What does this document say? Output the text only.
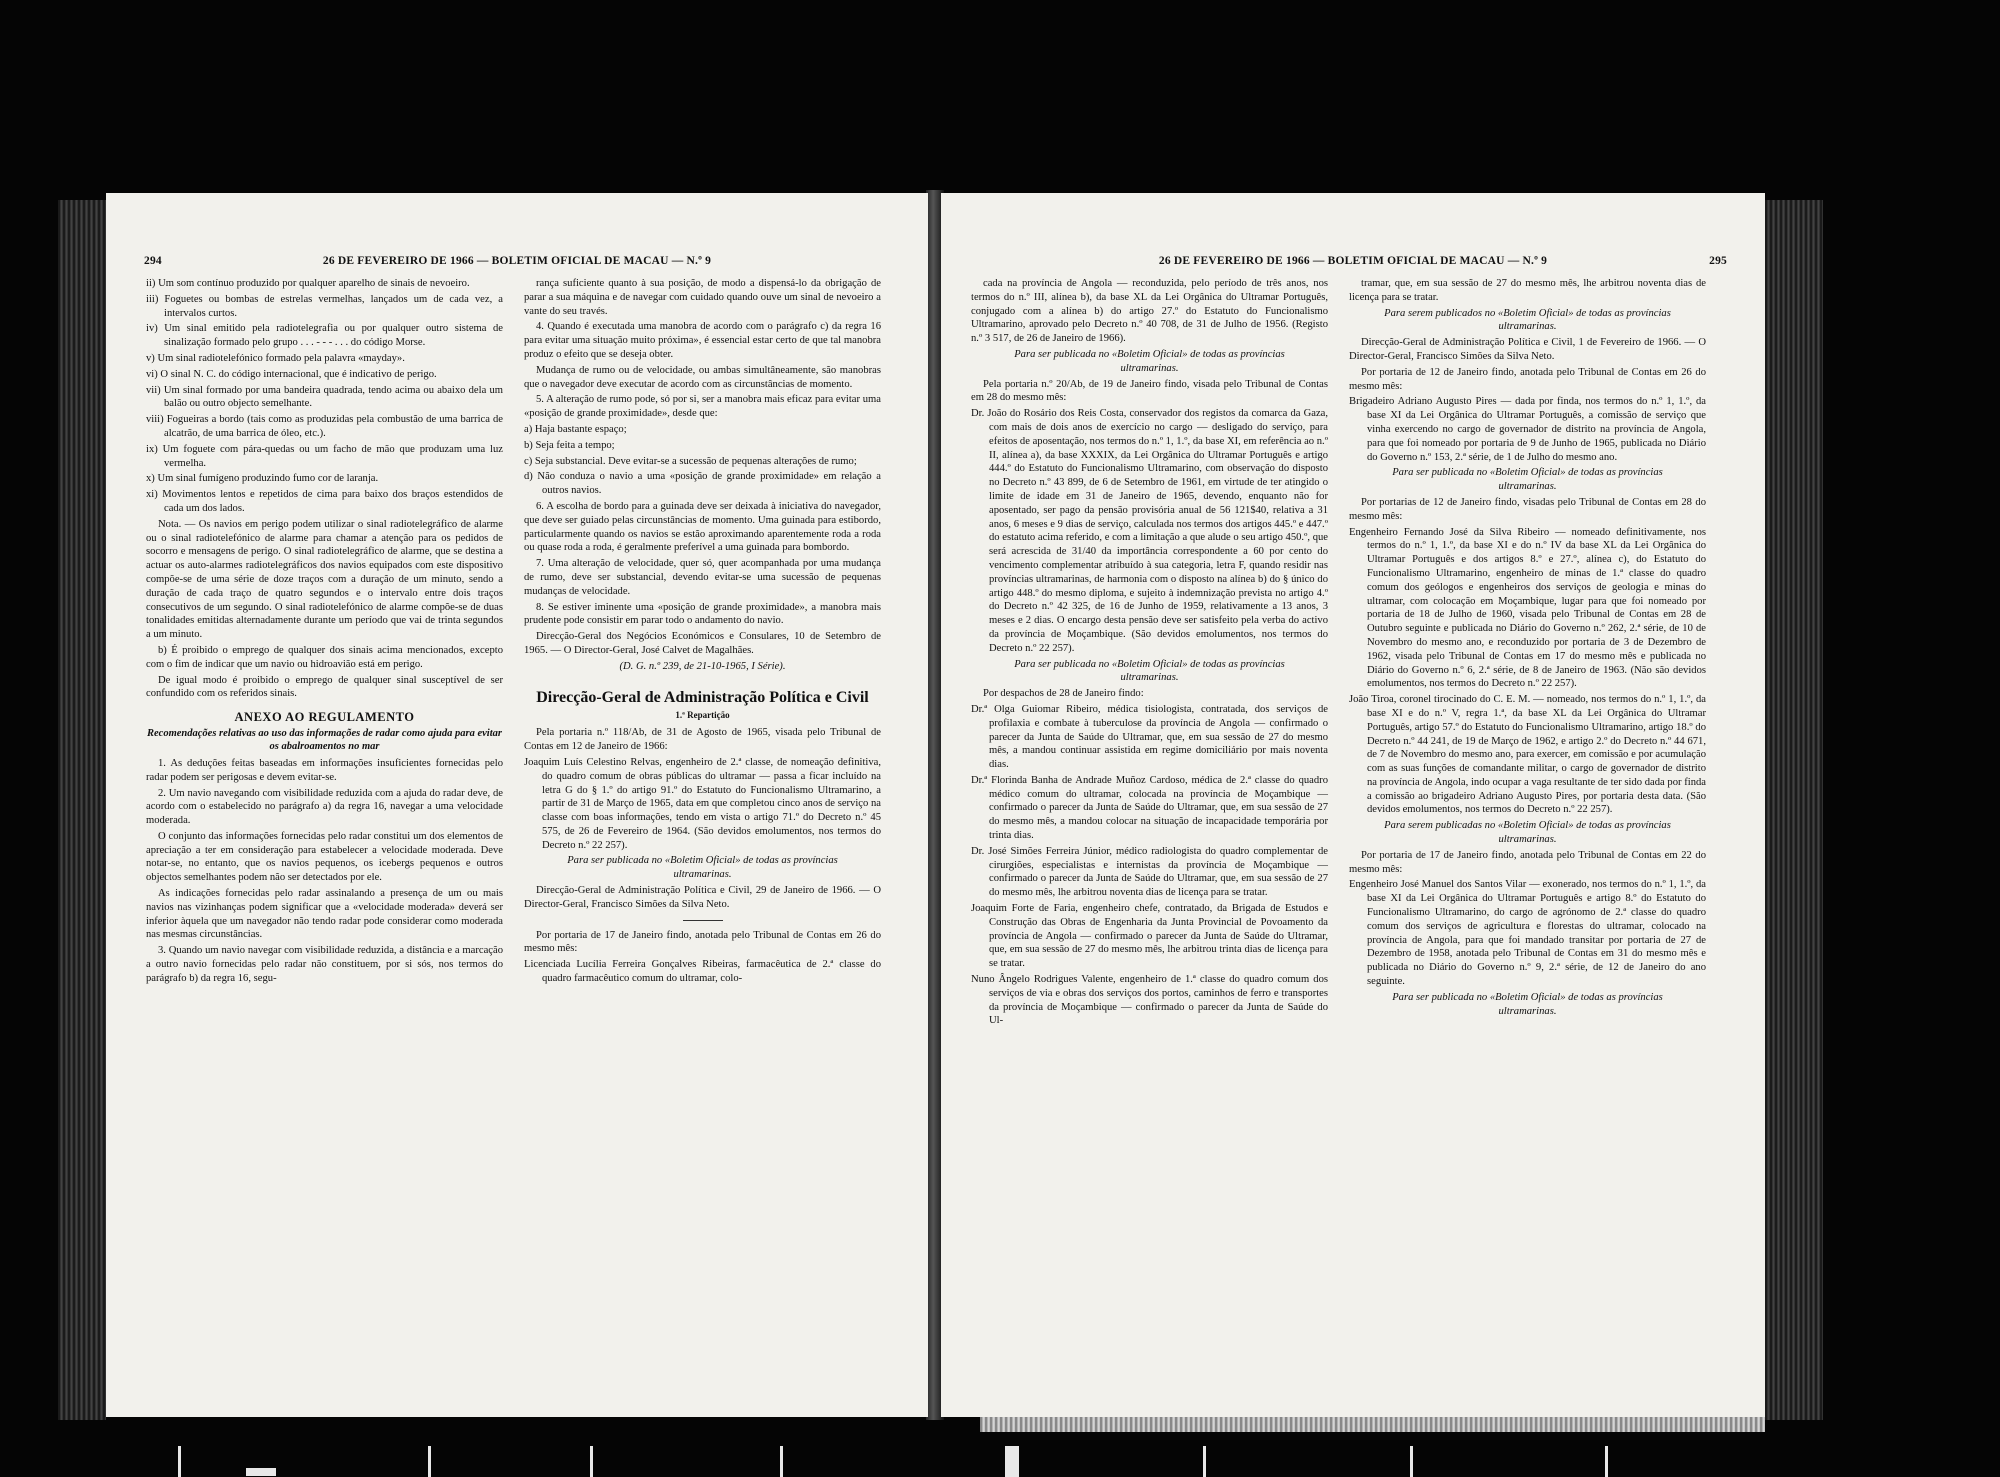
294	26 DE FEVEREIRO DE 1966 — BOLETIM OFICIAL DE MACAU — N.º 9

ii) Um som contínuo produzido por qualquer aparelho de sinais de nevoeiro.

iii) Foguetes ou bombas de estrelas vermelhas, lançados um de cada vez, a intervalos curtos.

iv) Um sinal emitido pela radiotelegrafia ou por qualquer outro sistema de sinalização formado pelo grupo . . . - - - . . . do código Morse.

v) Um sinal radiotelefónico formado pela palavra «mayday».

vi) O sinal N. C. do código internacional, que é indicativo de perigo.

vii) Um sinal formado por uma bandeira quadrada, tendo acima ou abaixo dela um balão ou outro objecto semelhante.

viii) Fogueiras a bordo (tais como as produzidas pela combustão de uma barrica de alcatrão, de uma barrica de óleo, etc.).

ix) Um foguete com pára-quedas ou um facho de mão que produzam uma luz vermelha.

x) Um sinal fumígeno produzindo fumo cor de laranja.

xi) Movimentos lentos e repetidos de cima para baixo dos braços estendidos de cada um dos lados.

Nota. — Os navios em perigo podem utilizar o sinal radiotelegráfico de alarme ou o sinal radiotelefónico de alarme para chamar a atenção para os pedidos de socorro e mensagens de perigo. O sinal radiotelegráfico de alarme, que se destina a actuar os auto-alarmes radiotelegráficos dos navios equipados com este dispositivo compõe-se de uma série de doze traços com a duração de um minuto, sendo a duração de cada traço de quatro segundos e o intervalo entre dois traços consecutivos de um segundo. O sinal radiotelefónico de alarme compõe-se de duas tonalidades emitidas alternadamente durante um período que vai de trinta segundos a um minuto.

b) É proibido o emprego de qualquer dos sinais acima mencionados, excepto com o fim de indicar que um navio ou hidroavião está em perigo.

De igual modo é proibido o emprego de qualquer sinal susceptível de ser confundido com os referidos sinais.

ANEXO AO REGULAMENTO
Recomendações relativas ao uso das informações de radar como ajuda para evitar os abalroamentos no mar

1. As deduções feitas baseadas em informações insuficientes fornecidas pelo radar podem ser perigosas e devem evitar-se.

2. Um navio navegando com visibilidade reduzida com a ajuda do radar deve, de acordo com o estabelecido no parágrafo a) da regra 16, navegar a uma velocidade moderada.

O conjunto das informações fornecidas pelo radar constitui um dos elementos de apreciação a ter em consideração para estabelecer a velocidade moderada. Deve notar-se, no entanto, que os navios pequenos, os icebergs pequenos e outros objectos semelhantes podem não ser detectados por ele.

As indicações fornecidas pelo radar assinalando a presença de um ou mais navios nas vizinhanças podem significar que a «velocidade moderada» deverá ser inferior àquela que um navegador não tendo radar pode considerar como moderada nas mesmas circunstâncias.

3. Quando um navio navegar com visibilidade reduzida, a distância e a marcação a outro navio fornecidas pelo radar não constituem, por si sós, nos termos do parágrafo b) da regra 16, segu-

rança suficiente quanto à sua posição, de modo a dispensá-lo da obrigação de parar a sua máquina e de navegar com cuidado quando ouve um sinal de nevoeiro a vante do seu través.

4. Quando é executada uma manobra de acordo com o parágrafo c) da regra 16 para evitar uma situação muito próxima», é essencial estar certo de que tal manobra produz o efeito que se deseja obter.

Mudança de rumo ou de velocidade, ou ambas simultâneamente, são manobras que o navegador deve executar de acordo com as circunstâncias de momento.

5. A alteração de rumo pode, só por si, ser a manobra mais eficaz para evitar uma «posição de grande proximidade», desde que:

a) Haja bastante espaço;

b) Seja feita a tempo;

c) Seja substancial. Deve evitar-se a sucessão de pequenas alterações de rumo;

d) Não conduza o navio a uma «posição de grande proximidade» em relação a outros navios.

6. A escolha de bordo para a guinada deve ser deixada à iniciativa do navegador, que deve ser guiado pelas circunstâncias de momento. Uma guinada para estibordo, particularmente quando os navios se estão aproximando aparentemente roda a roda ou quase roda a roda, é geralmente preferível a uma guinada para bombordo.

7. Uma alteração de velocidade, quer só, quer acompanhada por uma mudança de rumo, deve ser substancial, devendo evitar-se uma sucessão de pequenas mudanças de velocidade.

8. Se estiver iminente uma «posição de grande proximidade», a manobra mais prudente pode consistir em parar todo o andamento do navio.

Direcção-Geral dos Negócios Económicos e Consulares, 10 de Setembro de 1965. — O Director-Geral, José Calvet de Magalhães.

(D. G. n.º 239, de 21-10-1965, I Série).

Direcção-Geral de Administração Política e Civil
1.ª Repartição

Pela portaria n.º 118/Ab, de 31 de Agosto de 1965, visada pelo Tribunal de Contas em 12 de Janeiro de 1966:

Joaquim Luís Celestino Relvas, engenheiro de 2.ª classe, de nomeação definitiva, do quadro comum de obras públicas do ultramar — passa a ficar incluído na letra G do § 1.º do artigo 91.º do Estatuto do Funcionalismo Ultramarino, a partir de 31 de Março de 1965, data em que completou cinco anos de serviço na classe com boas informações, tendo em vista o artigo 71.º do Decreto n.º 45 575, de 26 de Fevereiro de 1964. (São devidos emolumentos, nos termos do Decreto n.º 22 257).

Para ser publicada no «Boletim Oficial» de todas as províncias ultramarinas.

Direcção-Geral de Administração Política e Civil, 29 de Janeiro de 1966. — O Director-Geral, Francisco Simões da Silva Neto.

Por portaria de 17 de Janeiro findo, anotada pelo Tribunal de Contas em 26 do mesmo mês:

Licenciada Lucília Ferreira Gonçalves Ribeiras, farmacêutica de 2.ª classe do quadro farmacêutico comum do ultramar, colo-

26 DE FEVEREIRO DE 1966 — BOLETIM OFICIAL DE MACAU — N.º 9	295

cada na província de Angola — reconduzida, pelo período de três anos, nos termos do n.º III, alínea b), da base XL da Lei Orgânica do Ultramar Português, conjugado com a alínea b) do artigo 27.º do Estatuto do Funcionalismo Ultramarino, aprovado pelo Decreto n.º 40 708, de 31 de Julho de 1956. (Registo n.º 3 517, de 26 de Janeiro de 1966).

Para ser publicada no «Boletim Oficial» de todas as províncias ultramarinas.

Pela portaria n.º 20/Ab, de 19 de Janeiro findo, visada pelo Tribunal de Contas em 28 do mesmo mês:

Dr. João do Rosário dos Reis Costa, conservador dos registos da comarca da Gaza, com mais de dois anos de exercício no cargo — desligado do serviço, para efeitos de aposentação, nos termos do n.º 1, 1.º, da base XI, em referência ao n.º II, alínea a), da base XXXIX, da Lei Orgânica do Ultramar Português e artigo 444.º do Estatuto do Funcionalismo Ultramarino, com observação do disposto no Decreto n.º 43 899, de 6 de Setembro de 1961, em virtude de ter atingido o limite de idade em 31 de Janeiro de 1965, devendo, enquanto não for aposentado, ser pago da pensão provisória anual de 56 121$40, relativa a 31 anos, 6 meses e 9 dias de serviço, calculada nos termos dos artigos 445.º e 447.º do estatuto acima referido, e com a limitação a que alude o seu artigo 450.º, que será acrescida de 31/40 da importância correspondente a 60 por cento do vencimento complementar atribuído à sua categoria, letra F, quando residir nas províncias ultramarinas, de harmonia com o disposto na alínea b) do § único do artigo 448.º do mesmo diploma, e sujeito à indemnização prevista no artigo 4.º do Decreto n.º 42 325, de 16 de Junho de 1959, relativamente a 13 anos, 3 meses e 2 dias. O encargo desta pensão deve ser satisfeito pela verba do activo da província de Moçambique. (São devidos emolumentos, nos termos do Decreto n.º 22 257).

Para ser publicada no «Boletim Oficial» de todas as províncias ultramarinas.

Por despachos de 28 de Janeiro findo:

Dr.ª Olga Guiomar Ribeiro, médica tisiologista, contratada, dos serviços de profilaxia e combate à tuberculose da província de Angola — confirmado o parecer da Junta de Saúde do Ultramar, que, em sua sessão de 27 do mesmo mês, a mandou continuar assistida em regime domiciliário por mais noventa dias.

Dr.ª Florinda Banha de Andrade Muñoz Cardoso, médica de 2.ª classe do quadro médico comum do ultramar, colocada na província de Moçambique — confirmado o parecer da Junta de Saúde do Ultramar, que, em sua sessão de 27 do mesmo mês, a mandou colocar na situação de incapacidade temporária por trinta dias.

Dr. José Simões Ferreira Júnior, médico radiologista do quadro complementar de cirurgiões, especialistas e internistas da província de Moçambique — confirmado o parecer da Junta de Saúde do Ultramar, que, em sua sessão de 27 do mesmo mês, lhe arbitrou noventa dias de licença para se tratar.

Joaquim Forte de Faria, engenheiro chefe, contratado, da Brigada de Estudos e Construção das Obras de Engenharia da Junta Provincial de Povoamento da província de Angola — confirmado o parecer da Junta de Saúde do Ultramar, que, em sua sessão de 27 do mesmo mês, lhe arbitrou trinta dias de licença para se tratar.

Nuno Ângelo Rodrigues Valente, engenheiro de 1.ª classe do quadro comum dos serviços de via e obras dos serviços dos portos, caminhos de ferro e transportes da província de Moçambique — confirmado o parecer da Junta de Saúde do Ul-

tramar, que, em sua sessão de 27 do mesmo mês, lhe arbitrou noventa dias de licença para se tratar.

Para serem publicados no «Boletim Oficial» de todas as províncias ultramarinas.

Direcção-Geral de Administração Política e Civil, 1 de Fevereiro de 1966. — O Director-Geral, Francisco Simões da Silva Neto.

Por portaria de 12 de Janeiro findo, anotada pelo Tribunal de Contas em 26 do mesmo mês:

Brigadeiro Adriano Augusto Pires — dada por finda, nos termos do n.º 1, 1.º, da base XI da Lei Orgânica do Ultramar Português, a comissão de serviço que vinha exercendo no cargo de governador de distrito na província de Angola, para que foi nomeado por portaria de 9 de Junho de 1965, publicada no Diário do Governo n.º 153, 2.ª série, de 1 de Julho do mesmo ano.

Para ser publicada no «Boletim Oficial» de todas as províncias ultramarinas.

Por portarias de 12 de Janeiro findo, visadas pelo Tribunal de Contas em 28 do mesmo mês:

Engenheiro Fernando José da Silva Ribeiro — nomeado definitivamente, nos termos do n.º 1, 1.º, da base XI e do n.º IV da base XL da Lei Orgânica do Ultramar Português e dos artigos 8.º e 27.º, alínea c), do Estatuto do Funcionalismo Ultramarino, engenheiro de minas de 1.ª classe do quadro comum dos geólogos e engenheiros dos serviços de geologia e minas do ultramar, com colocação em Moçambique, lugar para que foi nomeado por portaria de 18 de Julho de 1960, visada pelo Tribunal de Contas em 28 de Outubro seguinte e publicada no Diário do Governo n.º 262, 2.ª série, de 10 de Novembro do mesmo ano, e reconduzido por portaria de 3 de Dezembro de 1962, visada pelo Tribunal de Contas em 17 do mesmo mês e publicada no Diário do Governo n.º 6, 2.ª série, de 8 de Janeiro de 1963. (Não são devidos emolumentos, nos termos do Decreto n.º 22 257).

João Tiroa, coronel tirocinado do C. E. M. — nomeado, nos termos do n.º 1, 1.º, da base XI e do n.º V, regra 1.ª, da base XL da Lei Orgânica do Ultramar Português, artigo 57.º do Estatuto do Funcionalismo Ultramarino, artigo 18.º do Decreto n.º 44 241, de 19 de Março de 1962, e artigo 2.º do Decreto n.º 44 671, de 7 de Novembro do mesmo ano, para exercer, em comissão e por acumulação com as suas funções de comandante militar, o cargo de governador de distrito na província de Angola, indo ocupar a vaga resultante de ter sido dada por finda a comissão ao brigadeiro Adriano Augusto Pires, por portaria desta data. (São devidos emolumentos, nos termos do Decreto n.º 22 257).

Para serem publicadas no «Boletim Oficial» de todas as províncias ultramarinas.

Por portaria de 17 de Janeiro findo, anotada pelo Tribunal de Contas em 22 do mesmo mês:

Engenheiro José Manuel dos Santos Vilar — exonerado, nos termos do n.º 1, 1.º, da base XI da Lei Orgânica do Ultramar Português e artigo 8.º do Estatuto do Funcionalismo Ultramarino, do cargo de agrónomo de 2.ª classe do quadro comum dos serviços de agricultura e florestas do ultramar, colocado na província de Angola, para que foi mandado transitar por portaria de 27 de Dezembro de 1958, anotada pelo Tribunal de Contas em 31 do mesmo mês e publicada no Diário do Governo n.º 9, 2.ª série, de 12 de Janeiro do ano seguinte.

Para ser publicada no «Boletim Oficial» de todas as províncias ultramarinas.
